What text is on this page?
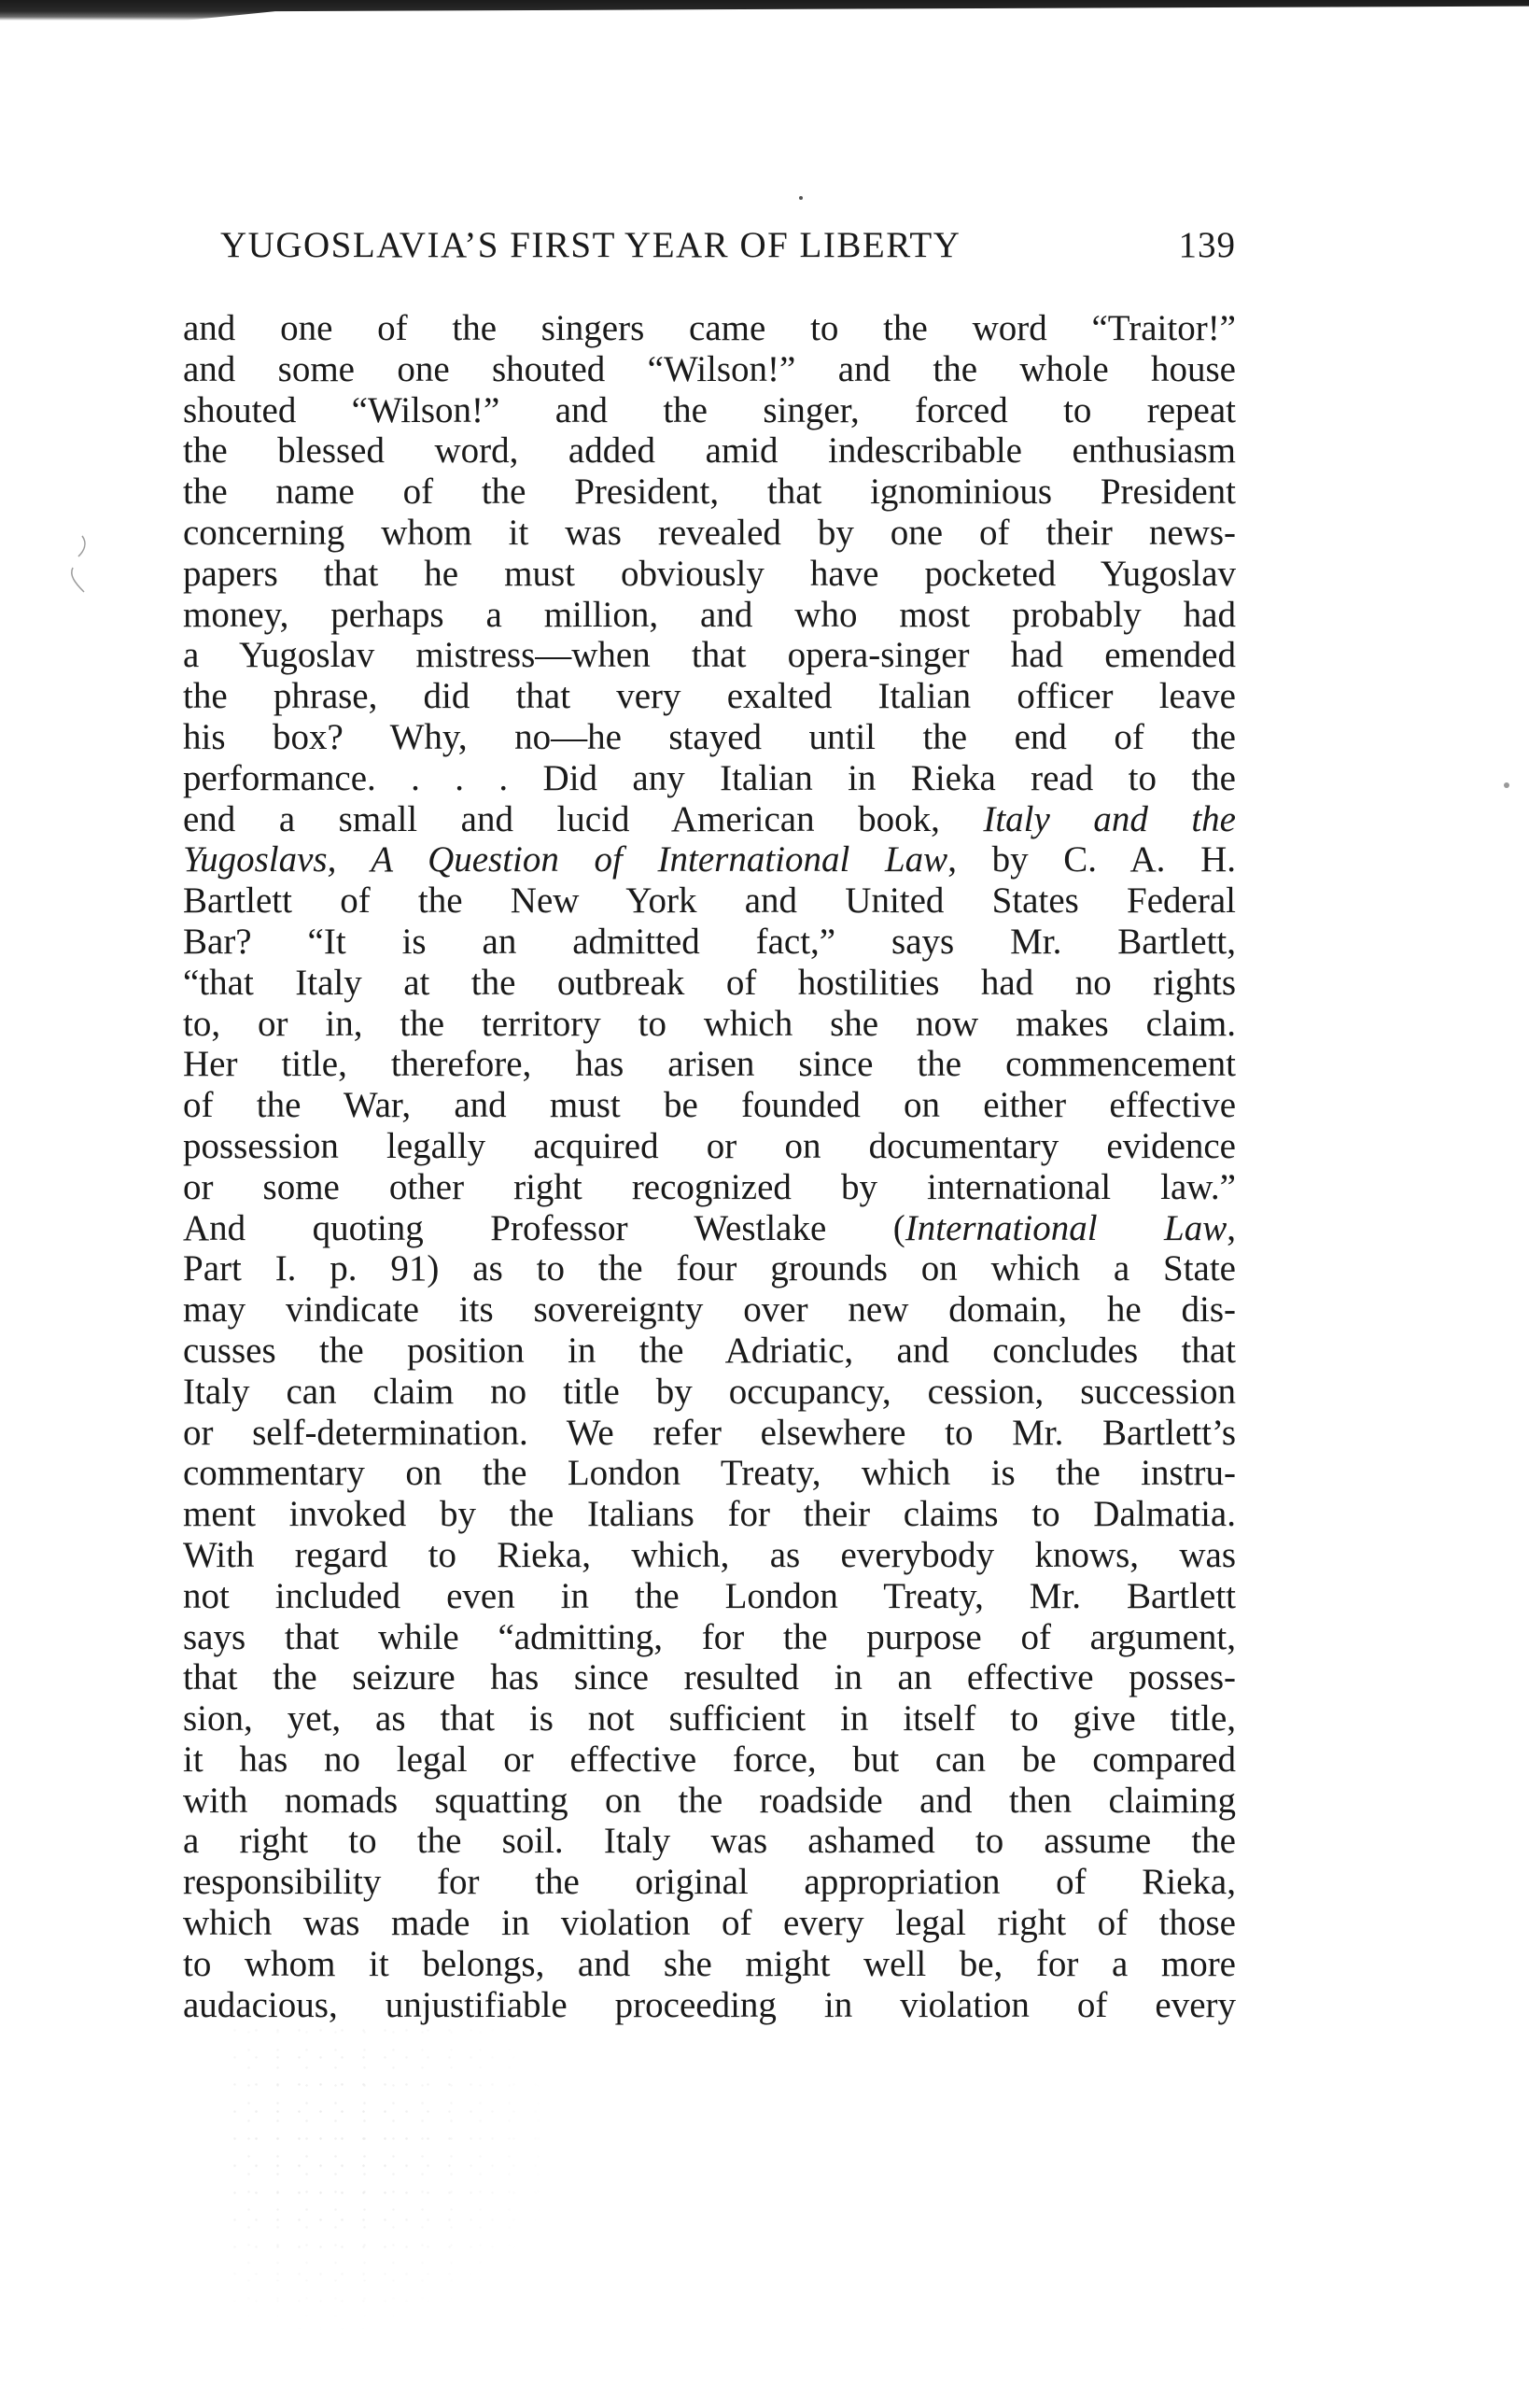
YUGOSLAVIA’S FIRST YEAR OF LIBERTY	139
and one of the singers came to the word “Traitor!”
and some one shouted “Wilson!” and the whole house
shouted “Wilson!” and the singer, forced to repeat
the blessed word, added amid indescribable enthusiasm
the name of the President, that ignominious President
concerning whom it was revealed by one of their news-
papers that he must obviously have pocketed Yugoslav
money, perhaps a million, and who most probably had
a Yugoslav mistress—when that opera-singer had emended
the phrase, did that very exalted Italian officer leave
his box? Why, no—he stayed until the end of the
performance. . . . Did any Italian in Rieka read to the
end a small and lucid American book, Italy and the
Yugoslavs, A Question of International Law, by C. A. H.
Bartlett of the New York and United States Federal
Bar? “It is an admitted fact,” says Mr. Bartlett,
“that Italy at the outbreak of hostilities had no rights
to, or in, the territory to which she now makes claim.
Her title, therefore, has arisen since the commencement
of the War, and must be founded on either effective
possession legally acquired or on documentary evidence
or some other right recognized by international law.”
And quoting Professor Westlake (International Law,
Part I. p. 91) as to the four grounds on which a State
may vindicate its sovereignty over new domain, he dis-
cusses the position in the Adriatic, and concludes that
Italy can claim no title by occupancy, cession, succession
or self-determination. We refer elsewhere to Mr. Bartlett’s
commentary on the London Treaty, which is the instru-
ment invoked by the Italians for their claims to Dalmatia.
With regard to Rieka, which, as everybody knows, was
not included even in the London Treaty, Mr. Bartlett
says that while “admitting, for the purpose of argument,
that the seizure has since resulted in an effective posses-
sion, yet, as that is not sufficient in itself to give title,
it has no legal or effective force, but can be compared
with nomads squatting on the roadside and then claiming
a right to the soil. Italy was ashamed to assume the
responsibility for the original appropriation of Rieka,
which was made in violation of every legal right of those
to whom it belongs, and she might well be, for a more
audacious, unjustifiable proceeding in violation of every
